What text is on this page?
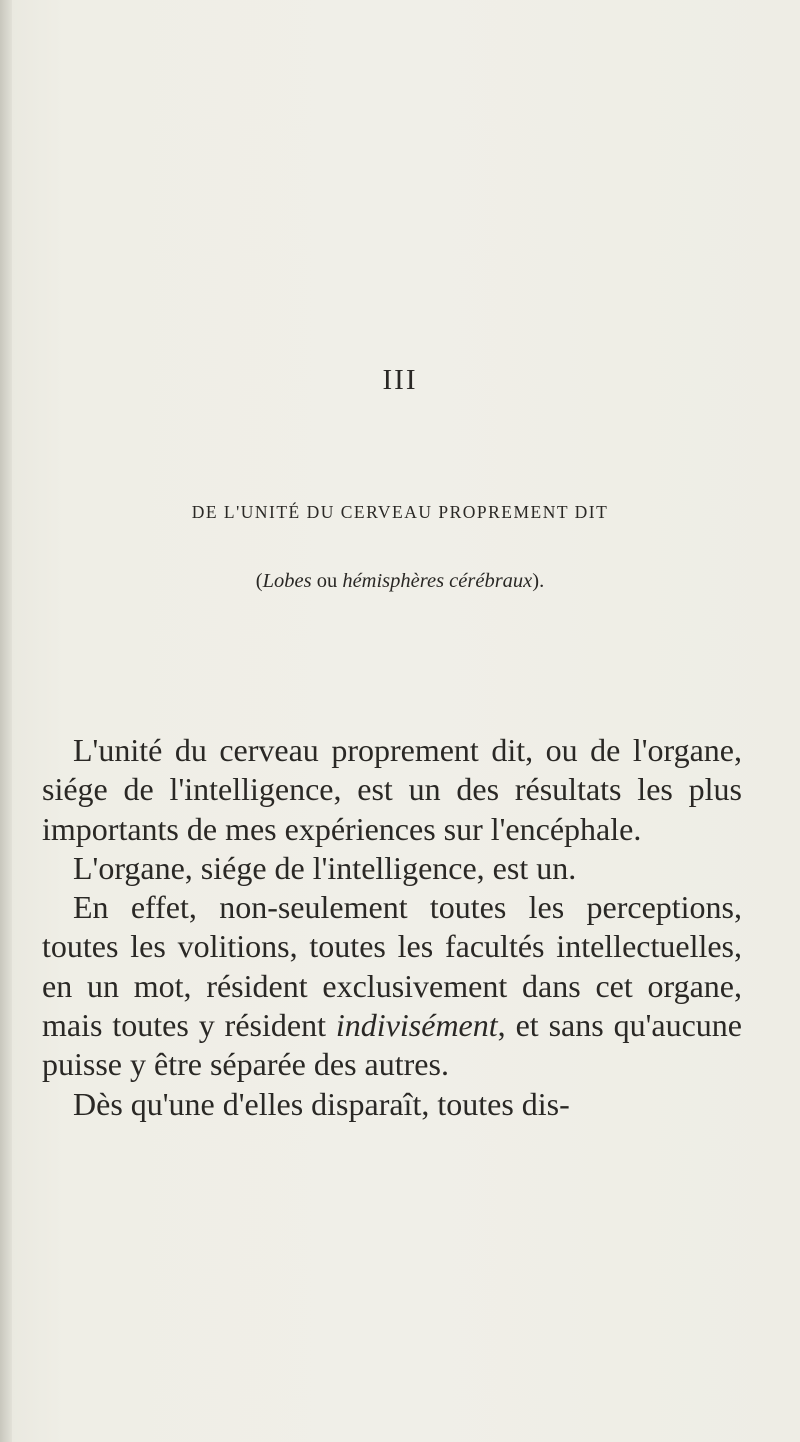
III
DE L'UNITÉ DU CERVEAU PROPREMENT DIT
(Lobes ou hémisphères cérébraux).

L'unité du cerveau proprement dit, ou de l'organe, siége de l'intelligence, est un des résultats les plus importants de mes expériences sur l'encéphale.

L'organe, siége de l'intelligence, est un.

En effet, non-seulement toutes les perceptions, toutes les volitions, toutes les facultés intellectuelles, en un mot, résident exclusivement dans cet organe, mais toutes y résident indivisément, et sans qu'aucune puisse y être séparée des autres.

Dès qu'une d'elles disparaît, toutes dis-
